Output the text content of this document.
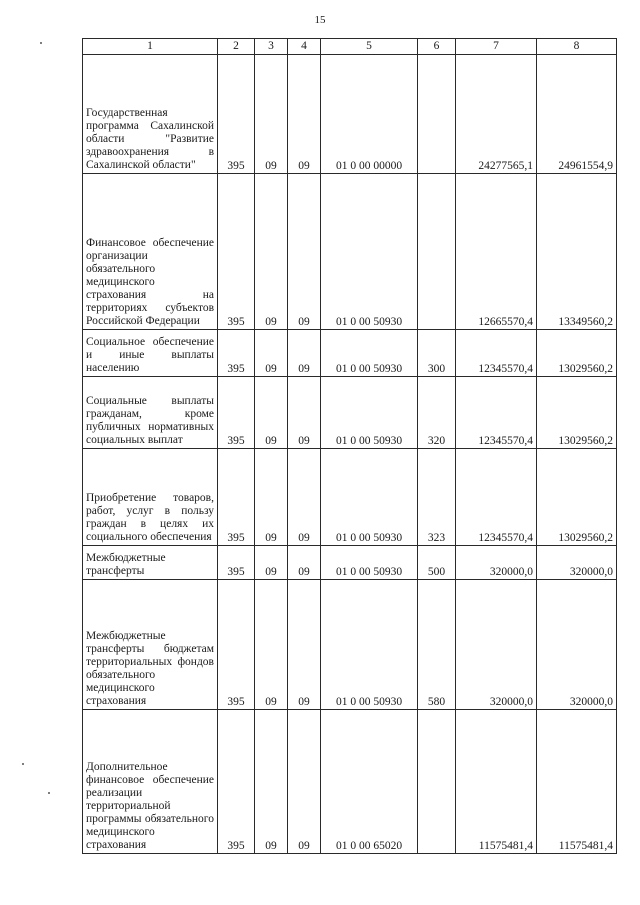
15
1	2	3	4	5	6	7	8
Государственная программа Сахалинской области "Развитие здравоохранения в Сахалинской области"	395	09	09	01 0 00 00000		24277565,1	24961554,9
Финансовое обеспечение организации обязательного медицинского страхования на территориях субъектов Российской Федерации	395	09	09	01 0 00 50930		12665570,4	13349560,2
Социальное обеспечение и иные выплаты населению	395	09	09	01 0 00 50930	300	12345570,4	13029560,2
Социальные выплаты гражданам, кроме публичных нормативных социальных выплат	395	09	09	01 0 00 50930	320	12345570,4	13029560,2
Приобретение товаров, работ, услуг в пользу граждан в целях их социального обеспечения	395	09	09	01 0 00 50930	323	12345570,4	13029560,2
Межбюджетные трансферты	395	09	09	01 0 00 50930	500	320000,0	320000,0
Межбюджетные трансферты бюджетам территориальных фондов обязательного медицинского страхования	395	09	09	01 0 00 50930	580	320000,0	320000,0
Дополнительное финансовое обеспечение реализации территориальной программы обязательного медицинского страхования	395	09	09	01 0 00 65020		11575481,4	11575481,4
